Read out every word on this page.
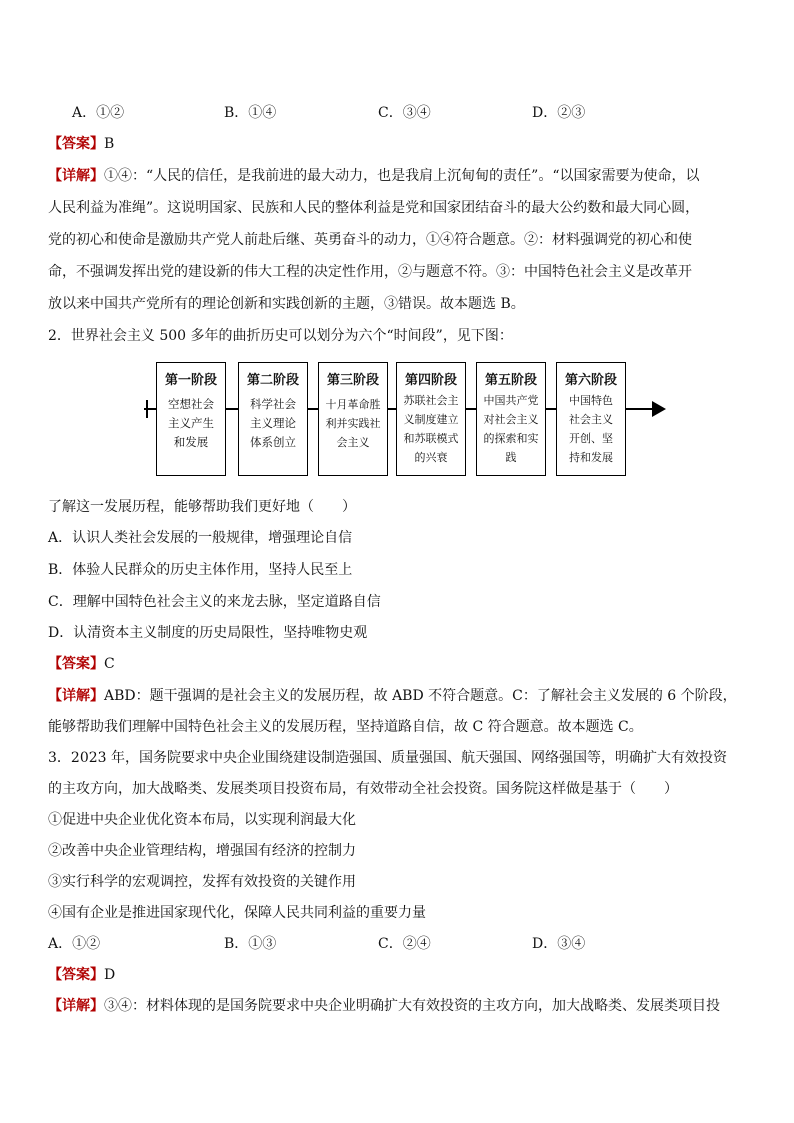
A．①②	B．①④	C．③④	D．②③
【答案】B
【详解】①④：“人民的信任，是我前进的最大动力，也是我肩上沉甸甸的责任”。“以国家需要为使命，以
人民利益为准绳”。这说明国家、民族和人民的整体利益是党和国家团结奋斗的最大公约数和最大同心圆，
党的初心和使命是激励共产党人前赴后继、英勇奋斗的动力，①④符合题意。②：材料强调党的初心和使
命，不强调发挥出党的建设新的伟大工程的决定性作用，②与题意不符。③：中国特色社会主义是改革开
放以来中国共产党所有的理论创新和实践创新的主题，③错误。故本题选 B。
2．世界社会主义 500 多年的曲折历史可以划分为六个“时间段”，见下图：
第一阶段
空想社会
主义产生
和发展
第二阶段
科学社会
主义理论
体系创立
第三阶段
十月革命胜
利并实践社
会主义
第四阶段
苏联社会主
义制度建立
和苏联模式
的兴衰
第五阶段
中国共产党
对社会主义
的探索和实
践
第六阶段
中国特色
社会主义
开创、坚
持和发展
了解这一发展历程，能够帮助我们更好地（　　）
A．认识人类社会发展的一般规律，增强理论自信
B．体验人民群众的历史主体作用，坚持人民至上
C．理解中国特色社会主义的来龙去脉，坚定道路自信
D．认清资本主义制度的历史局限性，坚持唯物史观
【答案】C
【详解】ABD：题干强调的是社会主义的发展历程，故 ABD 不符合题意。C：了解社会主义发展的 6 个阶段，
能够帮助我们理解中国特色社会主义的发展历程，坚持道路自信，故 C 符合题意。故本题选 C。
3．2023 年，国务院要求中央企业围绕建设制造强国、质量强国、航天强国、网络强国等，明确扩大有效投资
的主攻方向，加大战略类、发展类项目投资布局，有效带动全社会投资。国务院这样做是基于（　　）
①促进中央企业优化资本布局，以实现利润最大化
②改善中央企业管理结构，增强国有经济的控制力
③实行科学的宏观调控，发挥有效投资的关键作用
④国有企业是推进国家现代化，保障人民共同利益的重要力量
A．①②	B．①③	C．②④	D．③④
【答案】D
【详解】③④：材料体现的是国务院要求中央企业明确扩大有效投资的主攻方向，加大战略类、发展类项目投
